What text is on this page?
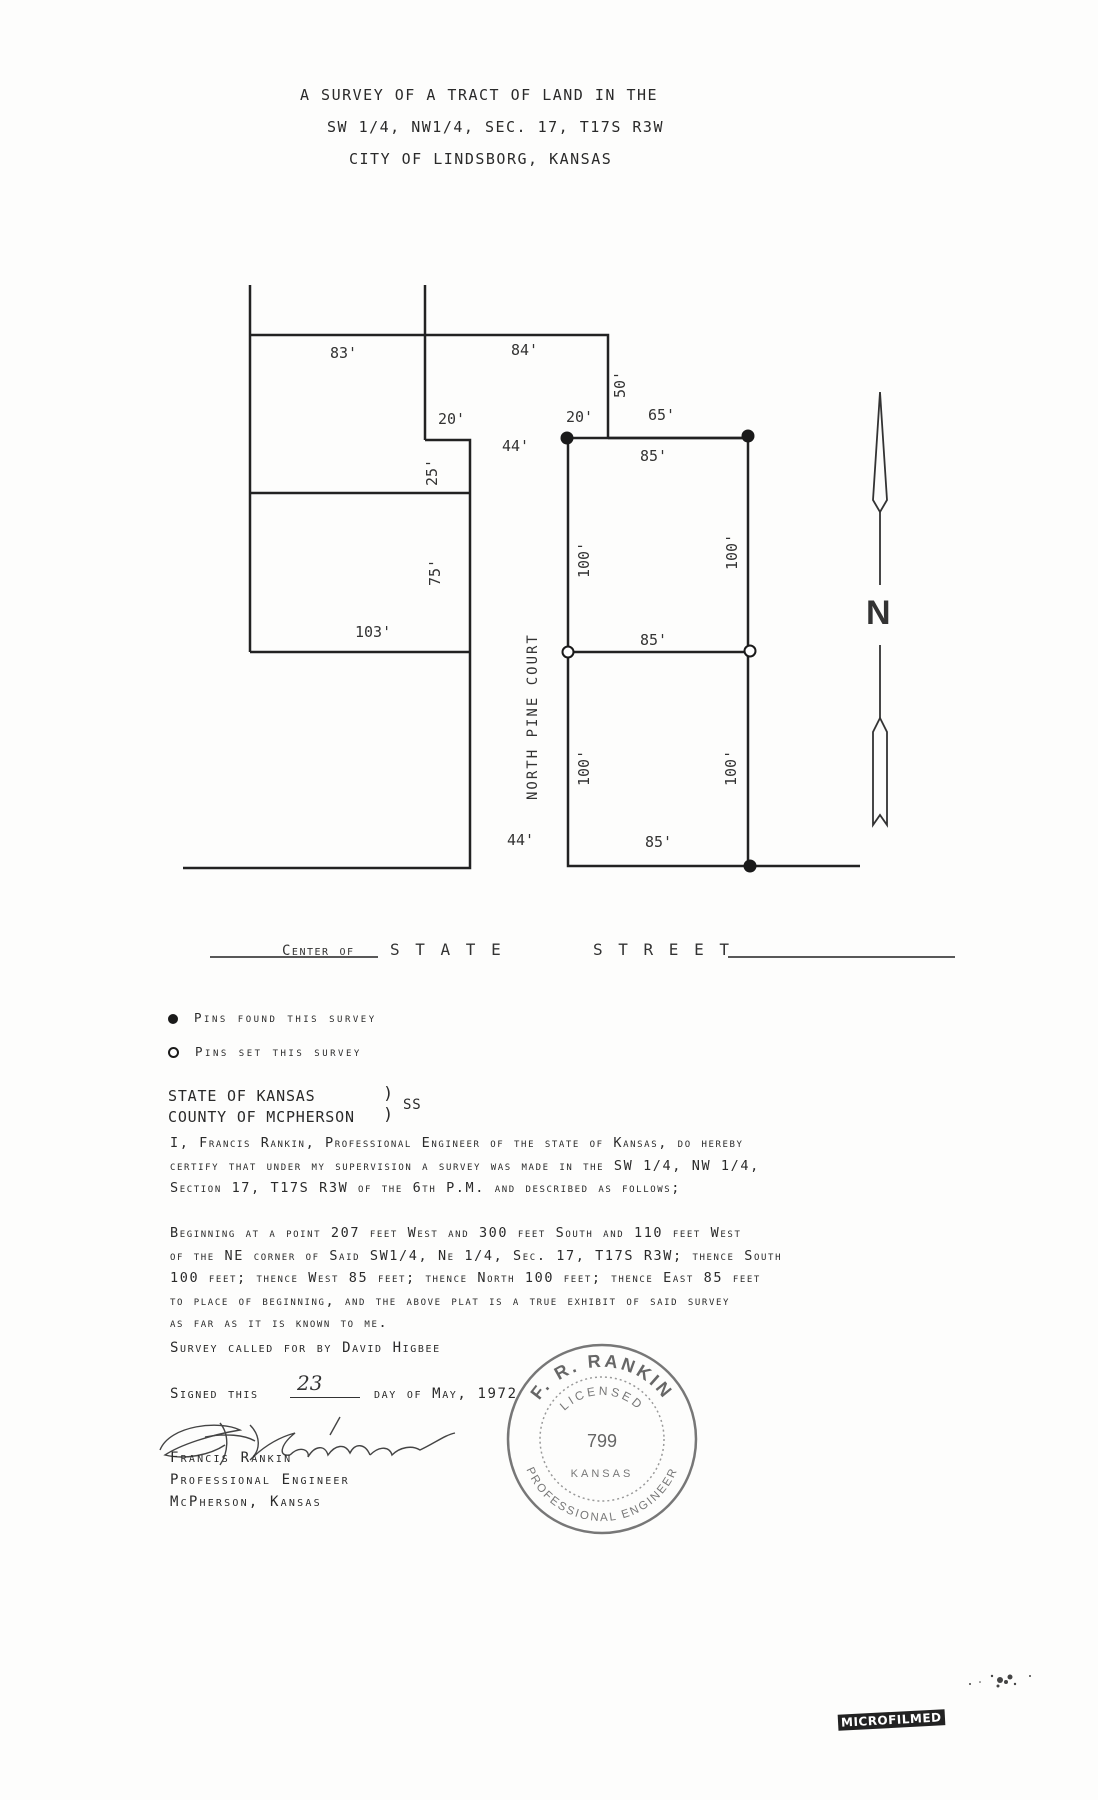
A SURVEY OF A TRACT OF LAND IN THE
SW 1/4, NW1/4, SEC. 17, T17S R3W
CITY OF LINDSBORG, KANSAS
N
83'	84'
50'
20'	20'	65'
44'
85'
25'
75'	100'	100'
103'	85'
100'	100'
44'	85'
NORTH PINE COURT
Center of S T A T E	S T R E E T
Pins found this survey
Pins set this survey
STATE OF KANSAS
COUNTY OF MCPHERSON
)
) SS
I, Francis Rankin, Professional Engineer of the state of Kansas, do hereby
certify that under my supervision a survey was made in the SW 1/4, NW 1/4,
Section 17, T17S R3W of the 6th P.M. and described as follows;
Beginning at a point 207 feet West and 300 feet South and 110 feet West
of the NE corner of Said SW1/4, Ne 1/4, Sec. 17, T17S R3W; thence South
100 feet; thence West 85 feet; thence North 100 feet; thence East 85 feet
to place of beginning, and the above plat is a true exhibit of said survey
as far as it is known to me.
Survey called for by David Higbee
Signed this 23	day of May, 1972
Francis Rankin
Professional Engineer
McPherson, Kansas
F. R. RANKIN
PROFESSIONAL ENGINEER
LICENSED
799
KANSAS
MICROFILMED
